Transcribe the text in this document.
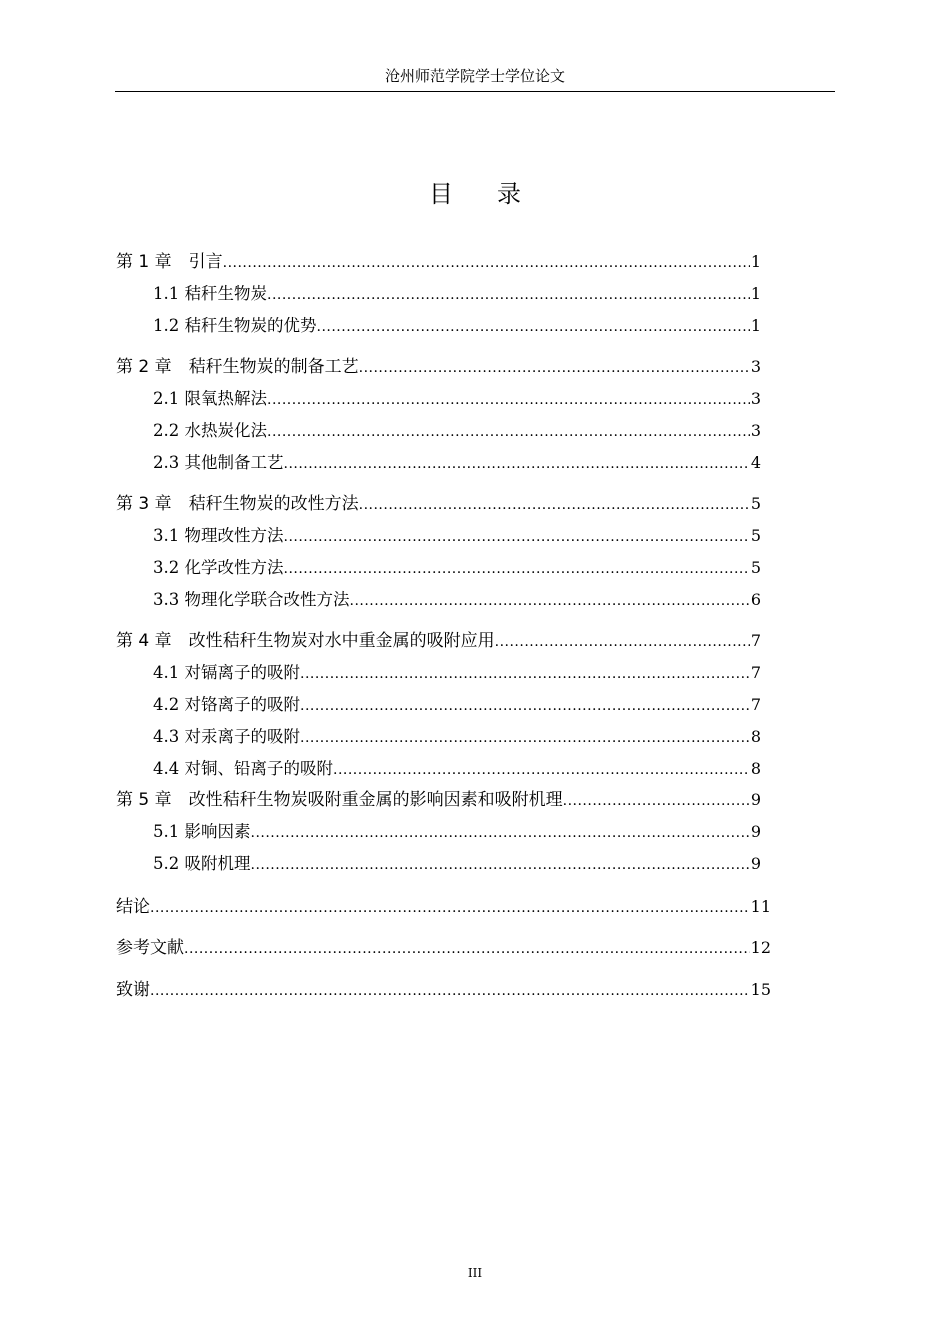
沧州师范学院学士学位论文
目录
第 1 章　引言 .....	1
1.1 秸秆生物炭 .....	1
1.2 秸秆生物炭的优势 .....	1
第 2 章　秸秆生物炭的制备工艺 .....	3
2.1 限氧热解法 .....	3
2.2 水热炭化法 .....	3
2.3 其他制备工艺 .....	4
第 3 章　秸秆生物炭的改性方法 .....	5
3.1 物理改性方法 .....	5
3.2 化学改性方法 .....	5
3.3 物理化学联合改性方法 .....	6
第 4 章　改性秸秆生物炭对水中重金属的吸附应用 .....	7
4.1 对镉离子的吸附 .....	7
4.2 对铬离子的吸附 .....	7
4.3 对汞离子的吸附 .....	8
4.4 对铜、铅离子的吸附 .....	8
第 5 章　改性秸秆生物炭吸附重金属的影响因素和吸附机理 .....	9
5.1 影响因素 .....	9
5.2 吸附机理 .....	9
结论 .....	11
参考文献 .....	12
致谢 .....	15
III
